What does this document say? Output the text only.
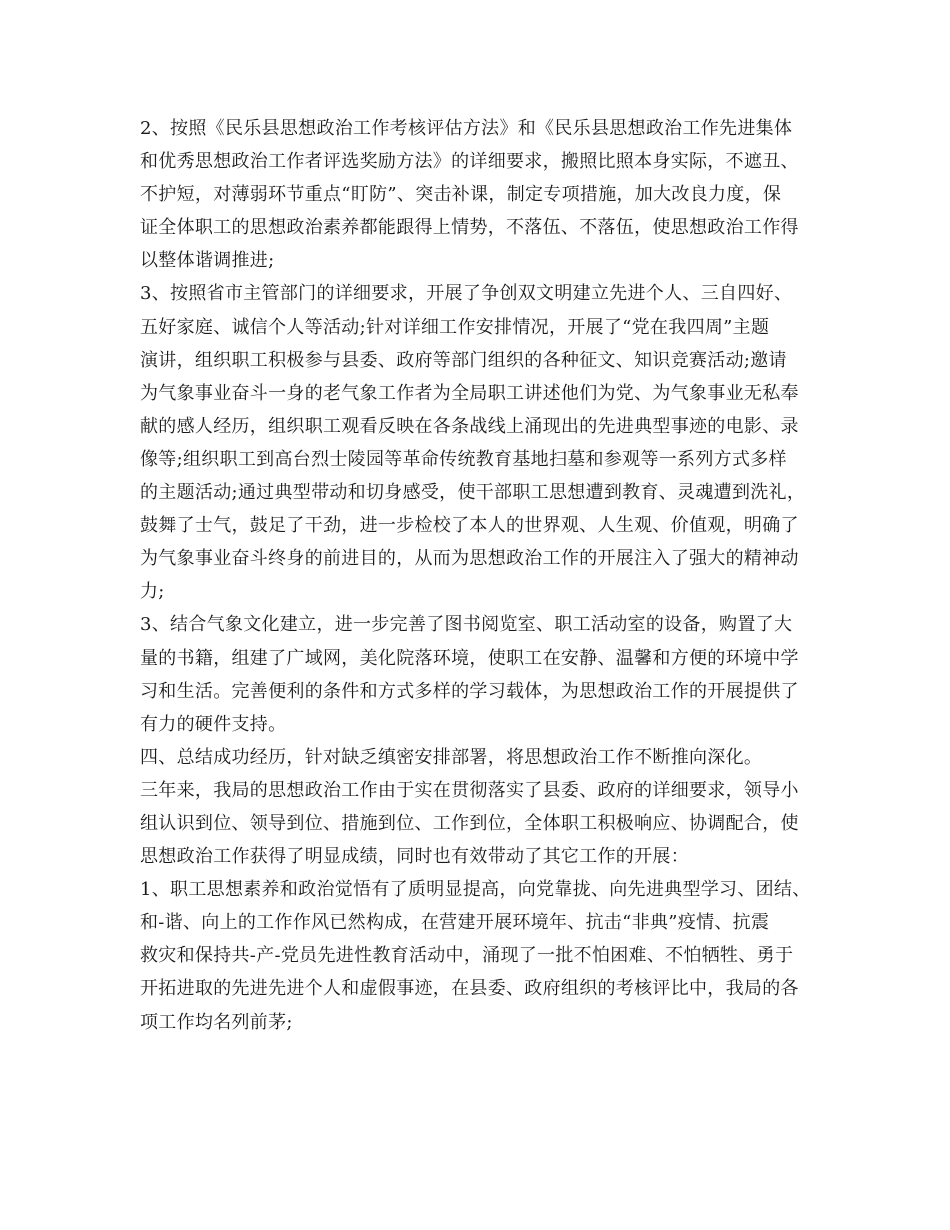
2、按照《民乐县思想政治工作考核评估方法》和《民乐县思想政治工作先进集体
和优秀思想政治工作者评选奖励方法》的详细要求，搬照比照本身实际，不遮丑、
不护短，对薄弱环节重点“盯防”、突击补课，制定专项措施，加大改良力度，保
证全体职工的思想政治素养都能跟得上情势，不落伍、不落伍，使思想政治工作得
以整体谐调推进;
3、按照省市主管部门的详细要求，开展了争创双文明建立先进个人、三自四好、
五好家庭、诚信个人等活动;针对详细工作安排情况，开展了“党在我四周”主题
演讲，组织职工积极参与县委、政府等部门组织的各种征文、知识竞赛活动;邀请
为气象事业奋斗一身的老气象工作者为全局职工讲述他们为党、为气象事业无私奉
献的感人经历，组织职工观看反映在各条战线上涌现出的先进典型事迹的电影、录
像等;组织职工到高台烈士陵园等革命传统教育基地扫墓和参观等一系列方式多样
的主题活动;通过典型带动和切身感受，使干部职工思想遭到教育、灵魂遭到洗礼，
鼓舞了士气，鼓足了干劲，进一步检校了本人的世界观、人生观、价值观，明确了
为气象事业奋斗终身的前进目的，从而为思想政治工作的开展注入了强大的精神动
力;
3、结合气象文化建立，进一步完善了图书阅览室、职工活动室的设备，购置了大
量的书籍，组建了广域网，美化院落环境，使职工在安静、温馨和方便的环境中学
习和生活。完善便利的条件和方式多样的学习载体，为思想政治工作的开展提供了
有力的硬件支持。
四、总结成功经历，针对缺乏缜密安排部署，将思想政治工作不断推向深化。
三年来，我局的思想政治工作由于实在贯彻落实了县委、政府的详细要求，领导小
组认识到位、领导到位、措施到位、工作到位，全体职工积极响应、协调配合，使
思想政治工作获得了明显成绩，同时也有效带动了其它工作的开展：
1、职工思想素养和政治觉悟有了质明显提高，向党靠拢、向先进典型学习、团结、
和-谐、向上的工作作风已然构成，在营建开展环境年、抗击“非典”疫情、抗震
救灾和保持共-产-党员先进性教育活动中，涌现了一批不怕困难、不怕牺牲、勇于
开拓进取的先进先进个人和虚假事迹，在县委、政府组织的考核评比中，我局的各
项工作均名列前茅;
